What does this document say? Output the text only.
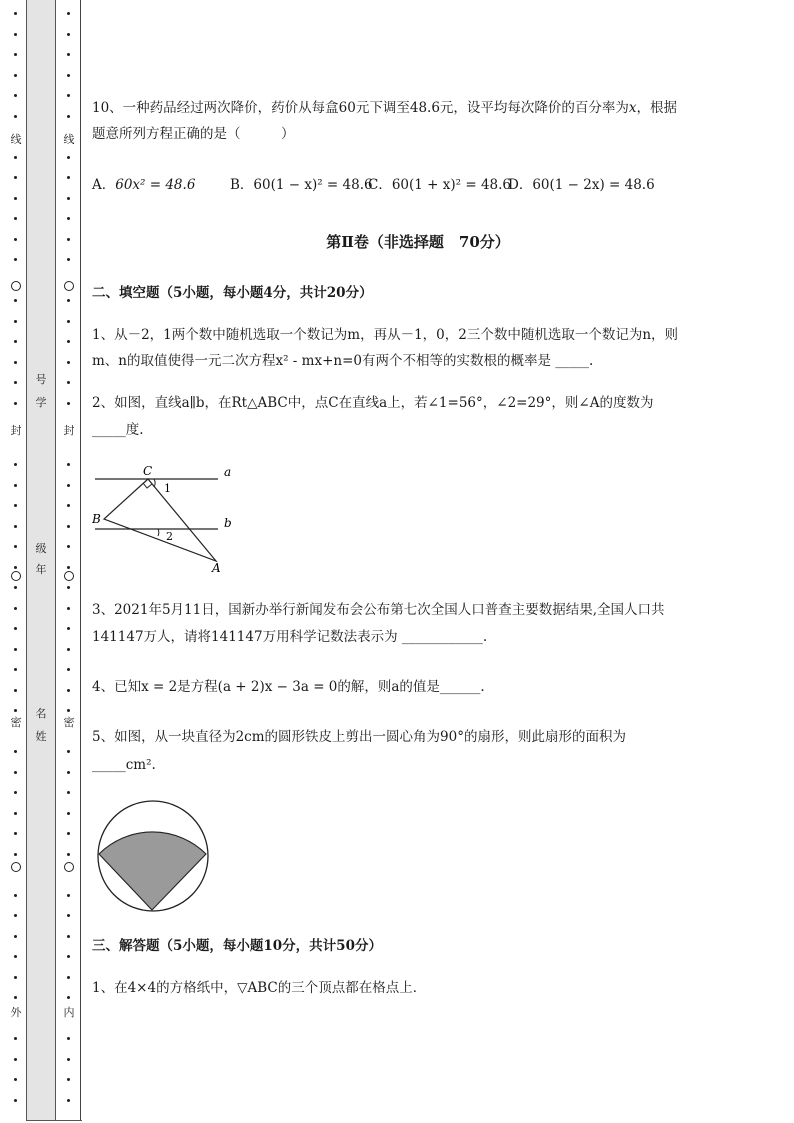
号
学
级
年
名
姓
线
封
密
外
线
封
密
内
10、一种药品经过两次降价，药价从每盒60元下调至48.6元，设平均每次降价的百分率为x，根据
题意所列方程正确的是（　　　）
A．60x² = 48.6	B．60(1 − x)² = 48.6
C．60(1 + x)² = 48.6
D．60(1 − 2x) = 48.6
第Ⅱ卷（非选择题　70分）
二、填空题（5小题，每小题4分，共计20分）
1、从－2，1两个数中随机选取一个数记为m，再从－1，0，2三个数中随机选取一个数记为n，则
m、n的取值使得一元二次方程x² - mx+n=0有两个不相等的实数根的概率是 _____.
2、如图，直线a∥b，在Rt△ABC中，点C在直线a上，若∠1=56°，∠2=29°，则∠A的度数为
_____度.
C	a
1
B	b
2
A
3、2021年5月11日，国新办举行新闻发布会公布第七次全国人口普查主要数据结果,全国人口共
141147万人，请将141147万用科学记数法表示为 ____________.
4、已知x = 2是方程(a + 2)x − 3a = 0的解，则a的值是______.
5、如图，从一块直径为2cm的圆形铁皮上剪出一圆心角为90°的扇形，则此扇形的面积为
_____cm².
三、解答题（5小题，每小题10分，共计50分）
1、在4×4的方格纸中，▽ABC的三个顶点都在格点上．
